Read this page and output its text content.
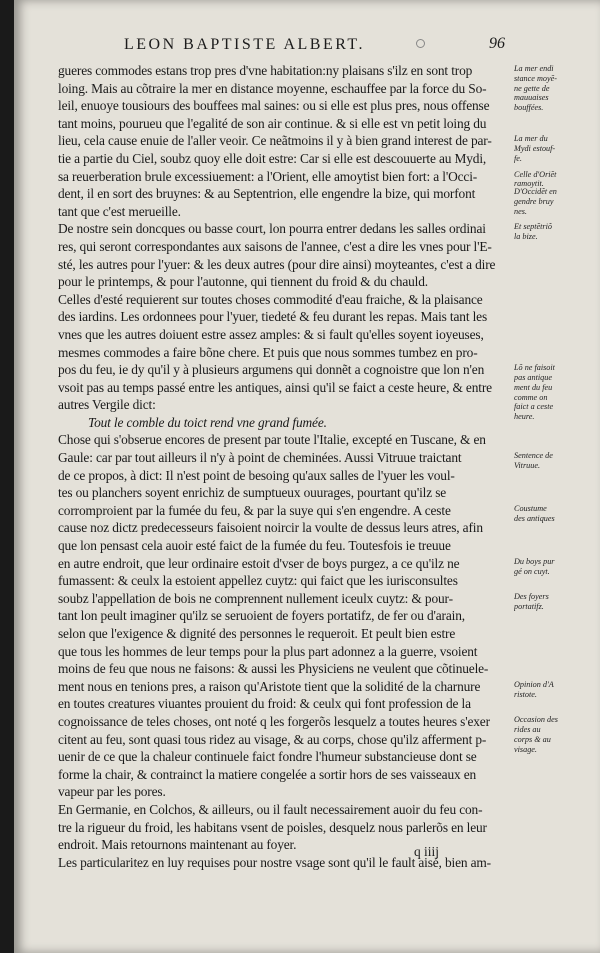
LEON BAPTISTE ALBERT.	96
gueres commodes estans trop pres d'vne habitation:ny plaisans s'ilz en sont trop
loing. Mais au cõtraire la mer en distance moyenne, eschauffee par la force du So-
leil, enuoye tousiours des bouffees mal saines: ou si elle est plus pres, nous offense
tant moins, pourueu que l'egalité de son air continue. & si elle est vn petit loing du
lieu, cela cause enuie de l'aller veoir. Ce neãtmoins il y à bien grand interest de par-
tie a partie du Ciel, soubz quoy elle doit estre: Car si elle est descouuerte au Mydi,
sa reuerberation brule excessiuement: a l'Orient, elle amoytist bien fort: a l'Occi-
dent, il en sort des bruynes: & au Septentrion, elle engendre la bize, qui morfont
tant que c'est merueille.
De nostre sein doncques ou basse court, lon pourra entrer dedans les salles ordinai
res, qui seront correspondantes aux saisons de l'annee, c'est a dire les vnes pour l'E-
sté, les autres pour l'yuer: & les deux autres (pour dire ainsi) moyteantes, c'est a dire
pour le printemps, & pour l'autonne, qui tiennent du froid & du chauld.
Celles d'esté requierent sur toutes choses commodité d'eau fraiche, & la plaisance
des iardins. Les ordonnees pour l'yuer, tiedeté & feu durant les repas. Mais tant les
vnes que les autres doiuent estre assez amples: & si fault qu'elles soyent ioyeuses,
mesmes commodes a faire bõne chere. Et puis que nous sommes tumbez en pro-
pos du feu, ie dy qu'il y à plusieurs argumens qui donnẽt a cognoistre que lon n'en
vsoit pas au temps passé entre les antiques, ainsi qu'il se faict a ceste heure, & entre
autres Vergile dict:
Tout le comble du toict rend vne grand fumée.
Chose qui s'obserue encores de present par toute l'Italie, excepté en Tuscane, & en
Gaule: car par tout ailleurs il n'y à point de cheminées. Aussi Vitruue traictant
de ce propos, à dict: Il n'est point de besoing qu'aux salles de l'yuer les voul-
tes ou planchers soyent enrichiz de sumptueux ouurages, pourtant qu'ilz se
corromproient par la fumée du feu, & par la suye qui s'en engendre. A ceste
cause noz dictz predecesseurs faisoient noircir la voulte de dessus leurs atres, afin
que lon pensast cela auoir esté faict de la fumée du feu. Toutesfois ie treuue
en autre endroit, que leur ordinaire estoit d'vser de boys purgez, a ce qu'ilz ne
fumassent: & ceulx la estoient appellez cuytz: qui faict que les iurisconsultes
soubz l'appellation de bois ne comprennent nullement iceulx cuytz: & pour-
tant lon peult imaginer qu'ilz se seruoient de foyers portatifz, de fer ou d'arain,
selon que l'exigence & dignité des personnes le requeroit. Et peult bien estre
que tous les hommes de leur temps pour la plus part adonnez a la guerre, vsoient
moins de feu que nous ne faisons: & aussi les Physiciens ne veulent que cõtinuele-
ment nous en tenions pres, a raison qu'Aristote tient que la solidité de la charnure
en toutes creatures viuantes prouient du froid: & ceulx qui font profession de la
cognoissance de teles choses, ont noté q les forgerõs lesquelz a toutes heures s'exer
citent au feu, sont quasi tous ridez au visage, & au corps, chose qu'ilz afferment p-
uenir de ce que la chaleur continuele faict fondre l'humeur substancieuse dont se
forme la chair, & contrainct la matiere congelée a sortir hors de ses vaisseaux en
vapeur par les pores.
En Germanie, en Colchos, & ailleurs, ou il fault necessairement auoir du feu con-
tre la rigueur du froid, les habitans vsent de poisles, desquelz nous parlerõs en leur
endroit. Mais retournons maintenant au foyer.
Les particularitez en luy requises pour nostre vsage sont qu'il le fault aisé, bien am-
La mer endi
stance moyẽ-
ne gette de
mauuaises
bouffées.
La mer du
Mydi estouf-
fe.
Celle d'Oriẽt
ramoytit.
D'Occidẽt en
gendre bruy
nes.
Et septẽtriõ
la bize.
Lõ ne faisoit
pas antique
ment du feu
comme on
faict a ceste
heure.
Sentence de
Vitruue.
Coustume
des antiques
Du boys pur
gé on cuyt.
Des foyers
portatifz.
Opinion d'A
ristote.
Occasion des
rides au
corps & au
visage.
q iiij
